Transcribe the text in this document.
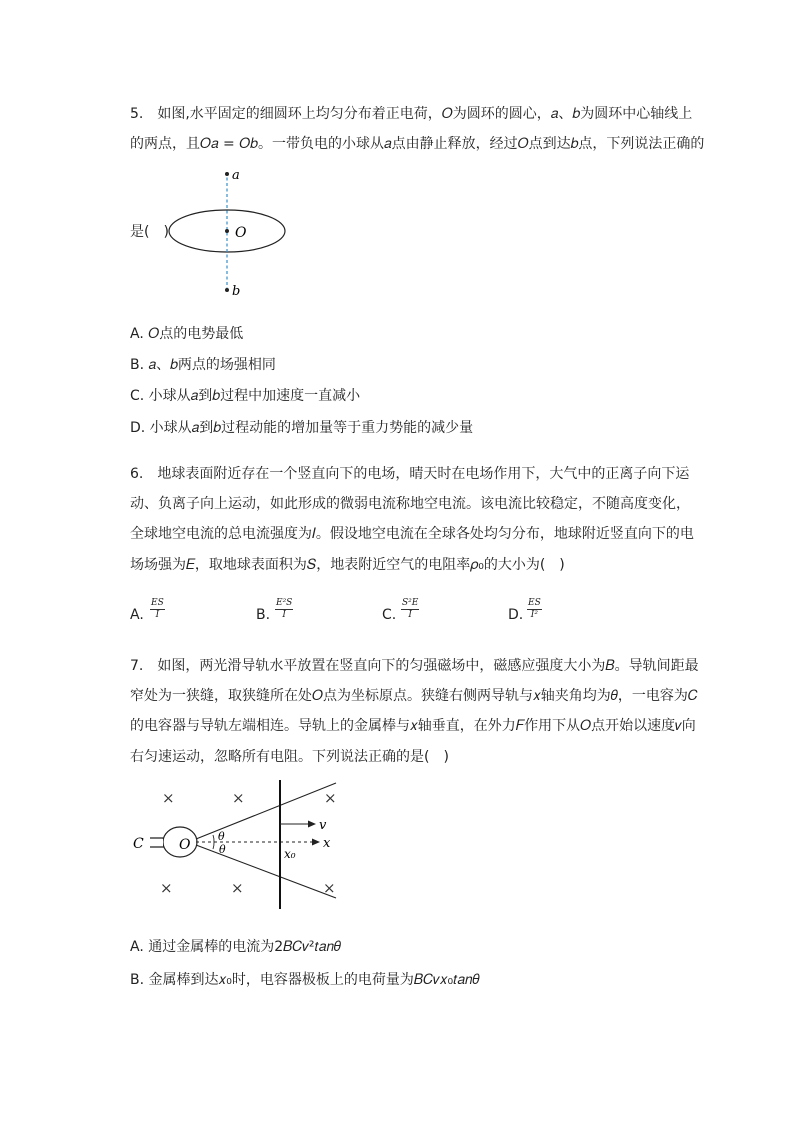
5.　如图,水平固定的细圆环上均匀分布着正电荷，𝑂为圆环的圆心，𝑎、𝑏为圆环中心轴线上
的两点，且𝑂𝑎 = 𝑂𝑏。一带负电的小球从𝑎点由静止释放，经过𝑂点到达𝑏点，下列说法正确的
是(　)
a
O
b
A. 𝑂点的电势最低
B. 𝑎、𝑏两点的场强相同
C. 小球从𝑎到𝑏过程中加速度一直减小
D. 小球从𝑎到𝑏过程动能的增加量等于重力势能的减少量
6.　地球表面附近存在一个竖直向下的电场，晴天时在电场作用下，大气中的正离子向下运
动、负离子向上运动，如此形成的微弱电流称地空电流。该电流比较稳定，不随高度变化，
全球地空电流的总电流强度为𝐼。假设地空电流在全球各处均匀分布，地球附近竖直向下的电
场场强为𝐸，取地球表面积为𝑆，地表附近空气的电阻率𝜌₀的大小为(　)
A. $\frac{ES}{I}$	B. $\frac{\text{E²S}}{I}$	C. $\frac{\text{S²E}}{I}$	D. $\frac{ES}{\text{I²}}$
7.　如图，两光滑导轨水平放置在竖直向下的匀强磁场中，磁感应强度大小为𝐵。导轨间距最
窄处为一狭缝，取狭缝所在处𝑂点为坐标原点。狭缝右侧两导轨与𝑥轴夹角均为𝜃，一电容为𝐶
的电容器与导轨左端相连。导轨上的金属棒与𝑥轴垂直，在外力𝐹作用下从𝑂点开始以速度𝑣向
右匀速运动，忽略所有电阻。下列说法正确的是(　)
×	×	×
×	×	×
C	O	x
θ
θ
v
x₀
A. 通过金属棒的电流为2𝐵𝐶𝑣²𝑡𝑎𝑛𝜃
B. 金属棒到达𝑥₀时，电容器极板上的电荷量为𝐵𝐶𝑣𝑥₀𝑡𝑎𝑛𝜃
